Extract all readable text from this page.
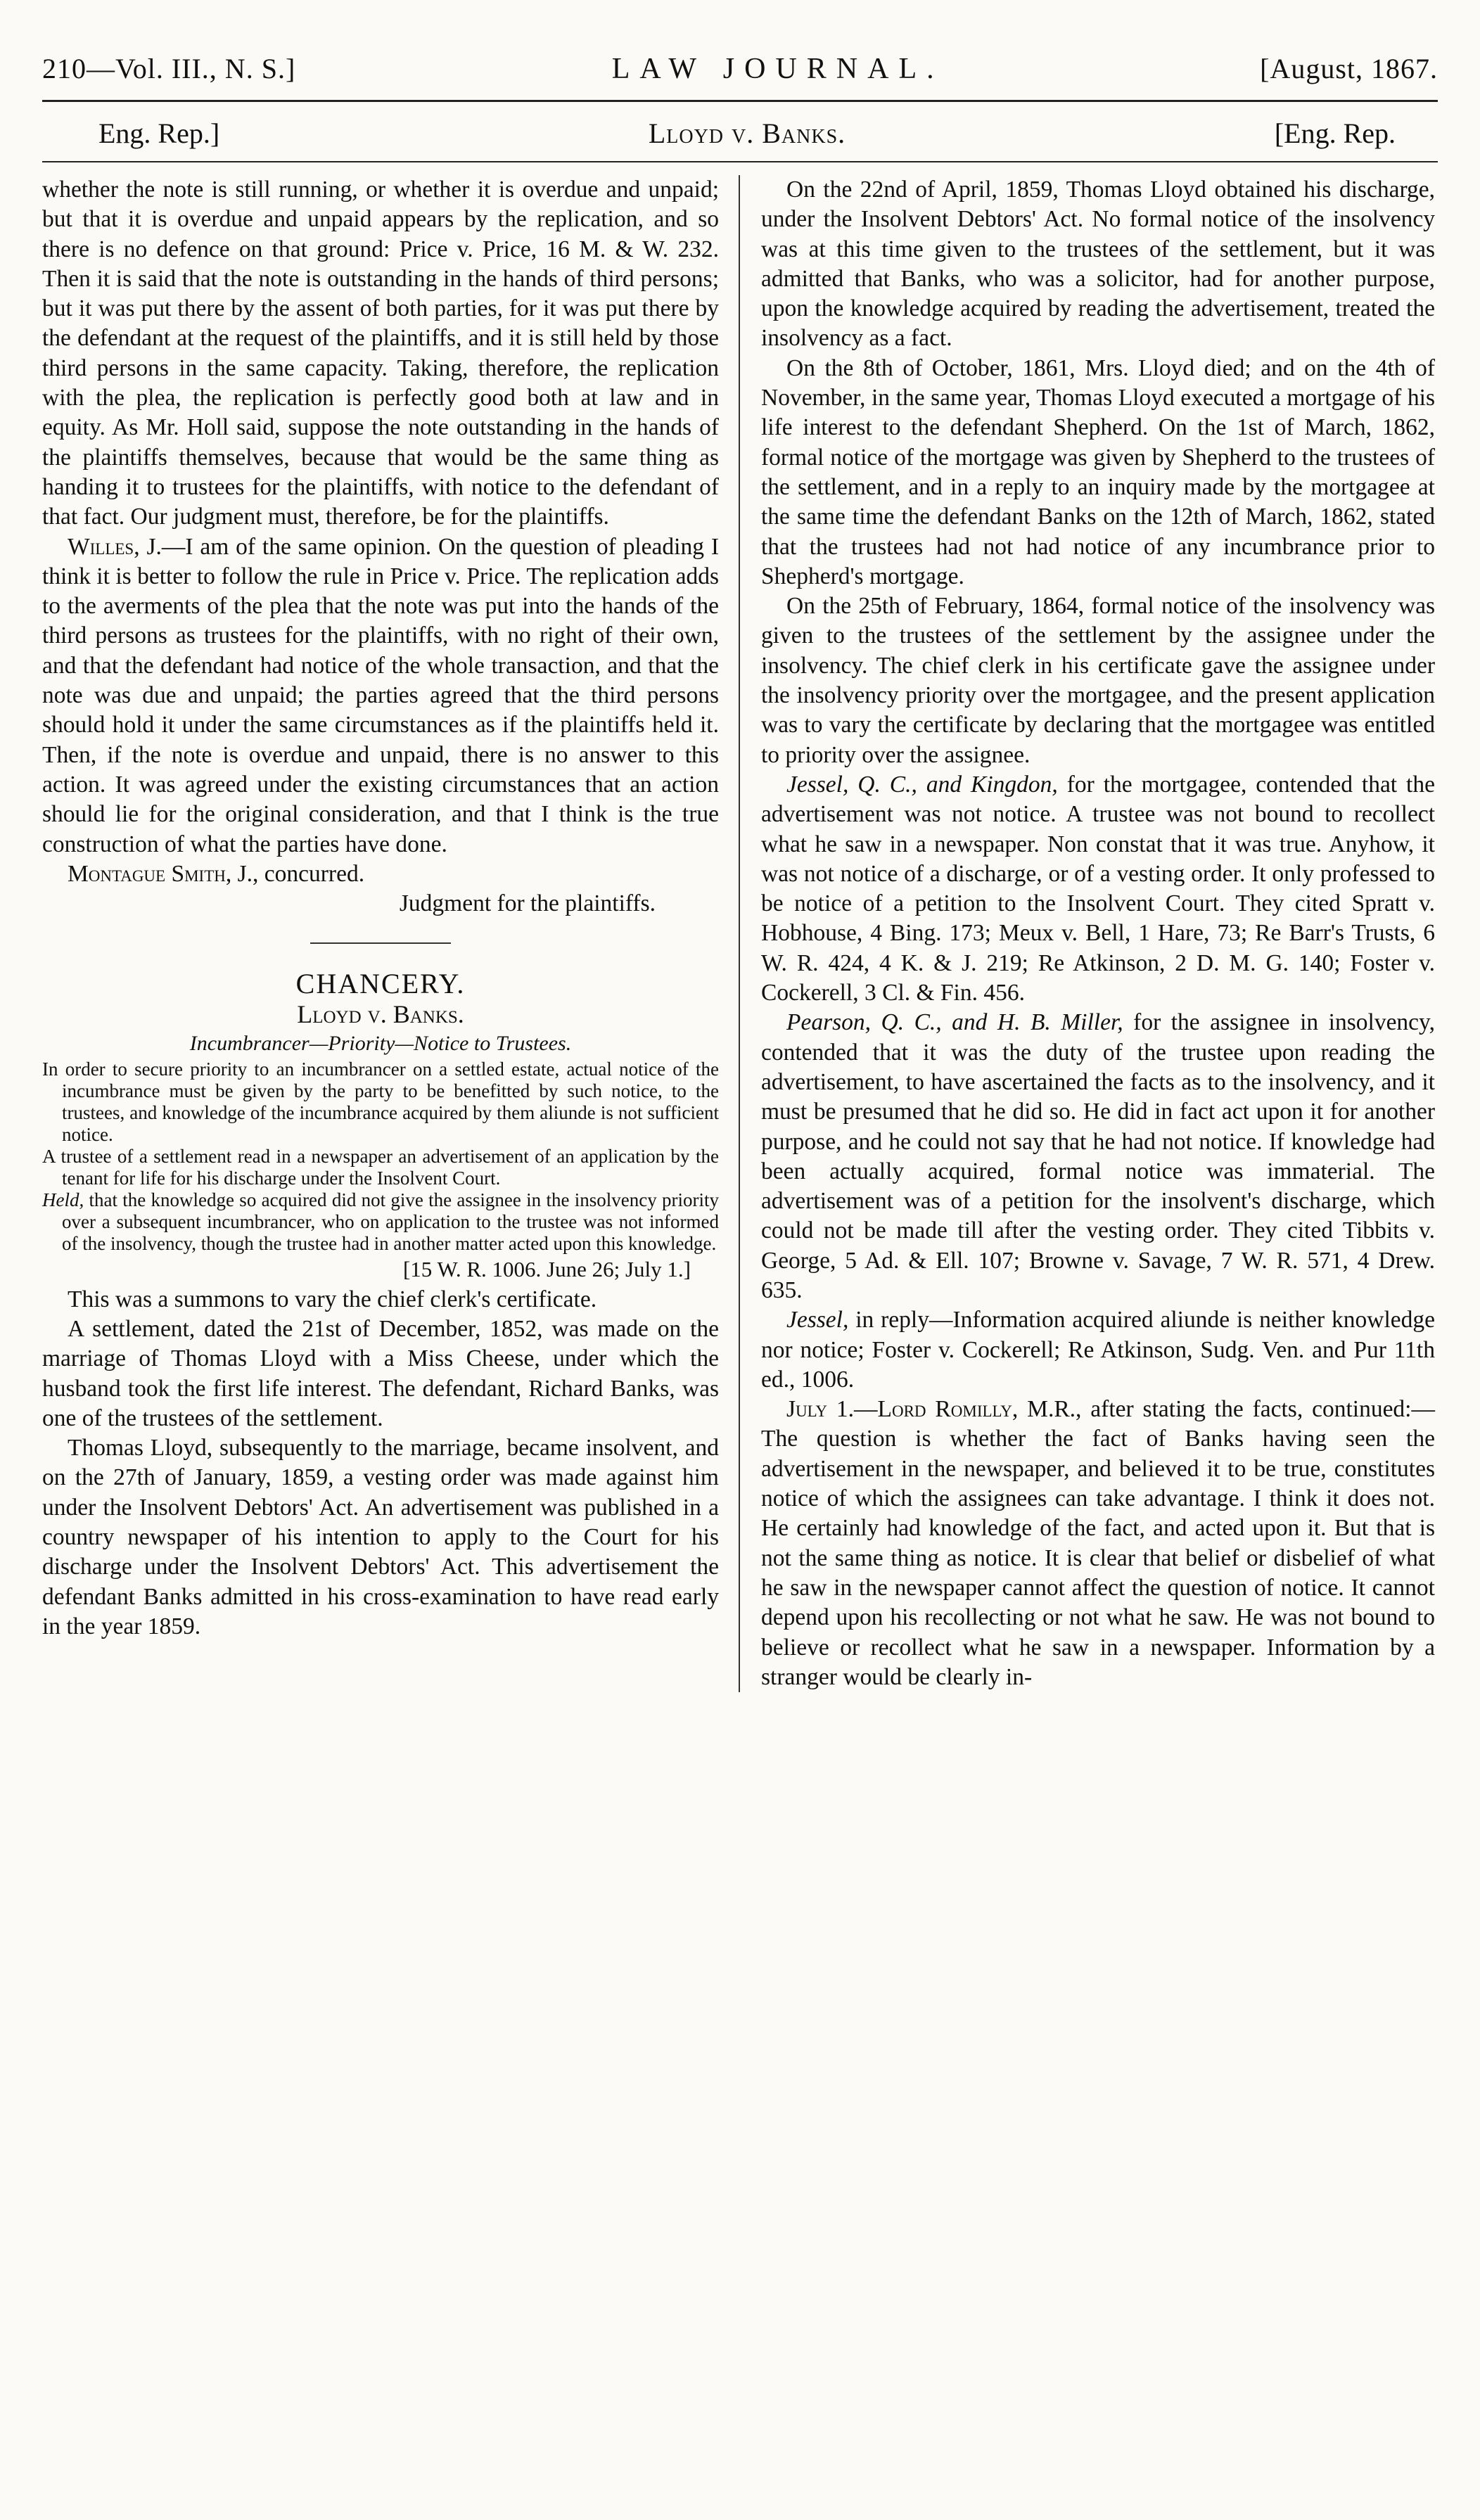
210—Vol. III., N. S.]	LAW JOURNAL.	[August, 1867.
Eng. Rep.]	Lloyd v. Banks.	[Eng. Rep.

whether the note is still running, or whether it is overdue and unpaid; but that it is overdue and unpaid appears by the replication, and so there is no defence on that ground: Price v. Price, 16 M. & W. 232. Then it is said that the note is outstanding in the hands of third persons; but it was put there by the assent of both parties, for it was put there by the defendant at the request of the plaintiffs, and it is still held by those third persons in the same capacity. Taking, therefore, the replication with the plea, the replication is perfectly good both at law and in equity. As Mr. Holl said, suppose the note outstanding in the hands of the plaintiffs themselves, because that would be the same thing as handing it to trustees for the plaintiffs, with notice to the defendant of that fact. Our judgment must, therefore, be for the plaintiffs.

Willes, J.—I am of the same opinion. On the question of pleading I think it is better to follow the rule in Price v. Price. The replication adds to the averments of the plea that the note was put into the hands of the third persons as trustees for the plaintiffs, with no right of their own, and that the defendant had notice of the whole transaction, and that the note was due and unpaid; the parties agreed that the third persons should hold it under the same circumstances as if the plaintiffs held it. Then, if the note is overdue and unpaid, there is no answer to this action. It was agreed under the existing circumstances that an action should lie for the original consideration, and that I think is the true construction of what the parties have done.

Montague Smith, J., concurred.

Judgment for the plaintiffs.

CHANCERY.

Lloyd v. Banks.

Incumbrancer—Priority—Notice to Trustees.

In order to secure priority to an incumbrancer on a settled estate, actual notice of the incumbrance must be given by the party to be benefitted by such notice, to the trustees, and knowledge of the incumbrance acquired by them aliunde is not sufficient notice.

A trustee of a settlement read in a newspaper an advertisement of an application by the tenant for life for his discharge under the Insolvent Court.

Held, that the knowledge so acquired did not give the assignee in the insolvency priority over a subsequent incumbrancer, who on application to the trustee was not informed of the insolvency, though the trustee had in another matter acted upon this knowledge.

[15 W. R. 1006. June 26; July 1.]

This was a summons to vary the chief clerk's certificate.

A settlement, dated the 21st of December, 1852, was made on the marriage of Thomas Lloyd with a Miss Cheese, under which the husband took the first life interest. The defendant, Richard Banks, was one of the trustees of the settlement.

Thomas Lloyd, subsequently to the marriage, became insolvent, and on the 27th of January, 1859, a vesting order was made against him under the Insolvent Debtors' Act. An advertisement was published in a country newspaper of his intention to apply to the Court for his discharge under the Insolvent Debtors' Act. This advertisement the defendant Banks admitted in his cross-examination to have read early in the year 1859.

On the 22nd of April, 1859, Thomas Lloyd obtained his discharge, under the Insolvent Debtors' Act. No formal notice of the insolvency was at this time given to the trustees of the settlement, but it was admitted that Banks, who was a solicitor, had for another purpose, upon the knowledge acquired by reading the advertisement, treated the insolvency as a fact.

On the 8th of October, 1861, Mrs. Lloyd died; and on the 4th of November, in the same year, Thomas Lloyd executed a mortgage of his life interest to the defendant Shepherd. On the 1st of March, 1862, formal notice of the mortgage was given by Shepherd to the trustees of the settlement, and in a reply to an inquiry made by the mortgagee at the same time the defendant Banks on the 12th of March, 1862, stated that the trustees had not had notice of any incumbrance prior to Shepherd's mortgage.

On the 25th of February, 1864, formal notice of the insolvency was given to the trustees of the settlement by the assignee under the insolvency. The chief clerk in his certificate gave the assignee under the insolvency priority over the mortgagee, and the present application was to vary the certificate by declaring that the mortgagee was entitled to priority over the assignee.

Jessel, Q. C., and Kingdon, for the mortgagee, contended that the advertisement was not notice. A trustee was not bound to recollect what he saw in a newspaper. Non constat that it was true. Anyhow, it was not notice of a discharge, or of a vesting order. It only professed to be notice of a petition to the Insolvent Court. They cited Spratt v. Hobhouse, 4 Bing. 173; Meux v. Bell, 1 Hare, 73; Re Barr's Trusts, 6 W. R. 424, 4 K. & J. 219; Re Atkinson, 2 D. M. G. 140; Foster v. Cockerell, 3 Cl. & Fin. 456.

Pearson, Q. C., and H. B. Miller, for the assignee in insolvency, contended that it was the duty of the trustee upon reading the advertisement, to have ascertained the facts as to the insolvency, and it must be presumed that he did so. He did in fact act upon it for another purpose, and he could not say that he had not notice. If knowledge had been actually acquired, formal notice was immaterial. The advertisement was of a petition for the insolvent's discharge, which could not be made till after the vesting order. They cited Tibbits v. George, 5 Ad. & Ell. 107; Browne v. Savage, 7 W. R. 571, 4 Drew. 635.

Jessel, in reply—Information acquired aliunde is neither knowledge nor notice; Foster v. Cockerell; Re Atkinson, Sudg. Ven. and Pur 11th ed., 1006.

July 1.—Lord Romilly, M.R., after stating the facts, continued:—The question is whether the fact of Banks having seen the advertisement in the newspaper, and believed it to be true, constitutes notice of which the assignees can take advantage. I think it does not. He certainly had knowledge of the fact, and acted upon it. But that is not the same thing as notice. It is clear that belief or disbelief of what he saw in the newspaper cannot affect the question of notice. It cannot depend upon his recollecting or not what he saw. He was not bound to believe or recollect what he saw in a newspaper. Information by a stranger would be clearly in-
